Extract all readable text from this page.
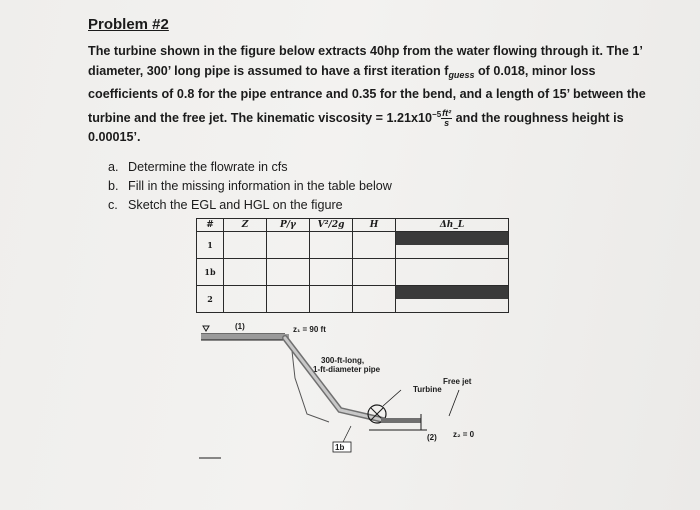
Problem #2
The turbine shown in the figure below extracts 40hp from the water flowing through it. The 1’
diameter, 300’ long pipe is assumed to have a first iteration $f_{guess}$ of 0.018, minor loss
coefficients of 0.8 for the pipe entrance and 0.35 for the bend, and a length of 15’ between the
turbine and the free jet. The kinematic viscosity = $1.21x10^{-5} \frac{\text{ft²}}{s}$ and the roughness height is
0.00015’.
a. Determine the flowrate in cfs
b. Fill in the missing information in the table below
c. Sketch the EGL and HGL on the figure
#	Z	P/γ	V²/2g	H	Δh_L
1					

1b					
2					
(1)	z₁ = 90 ft
300-ft-long,
1-ft-diameter pipe
Turbine
1b
Free jet
(2) z₂ = 0
